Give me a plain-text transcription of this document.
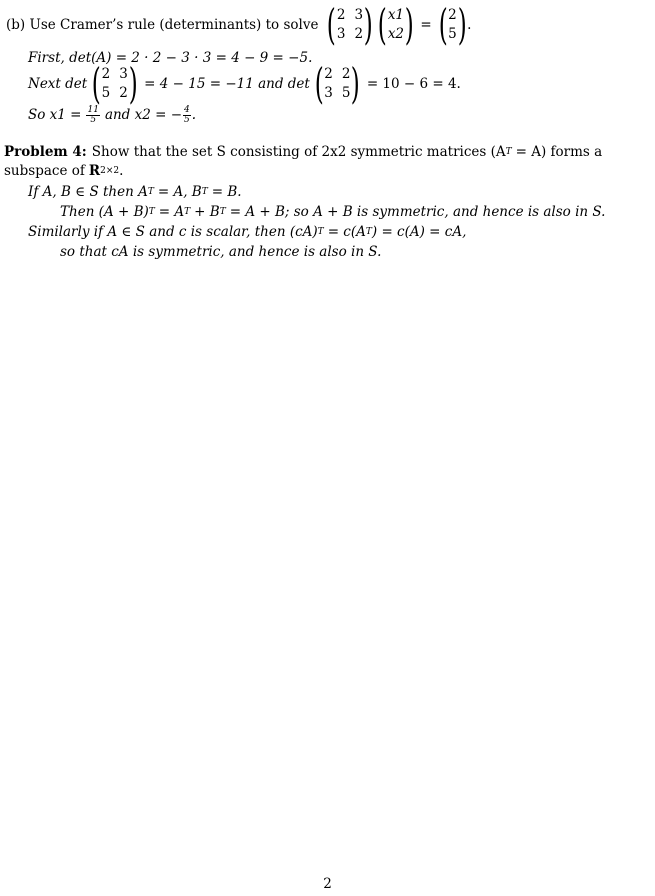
(b) Use Cramer’s rule (determinants) to solve ( 2 3
3 2 ) ( x1
x2 ) = ( 2
5 ) .
First, det(A) = 2 · 2 − 3 · 3 = 4 − 9 = −5.
Next det ( 2 3
5 2 ) = 4 − 15 = −11 and det ( 2 2
3 5 ) = 10 − 6 = 4.
So $x1 = \frac{11}{5}$ and x2 = − $\frac{4}{5}$ .
Problem 4: Show that the set S consisting of 2x2 symmetric matrices (A T = A) forms a
subspace of R 2×2 .
If A, B ∈ S then A T = A, B T = B.
Then (A + B) T = A T + B T = A + B; so A + B is symmetric, and hence is also in S.
Similarly if A ∈ S and c is scalar, then (cA) T = c(A T ) = c(A) = cA,
so that cA is symmetric, and hence is also in S.
2
